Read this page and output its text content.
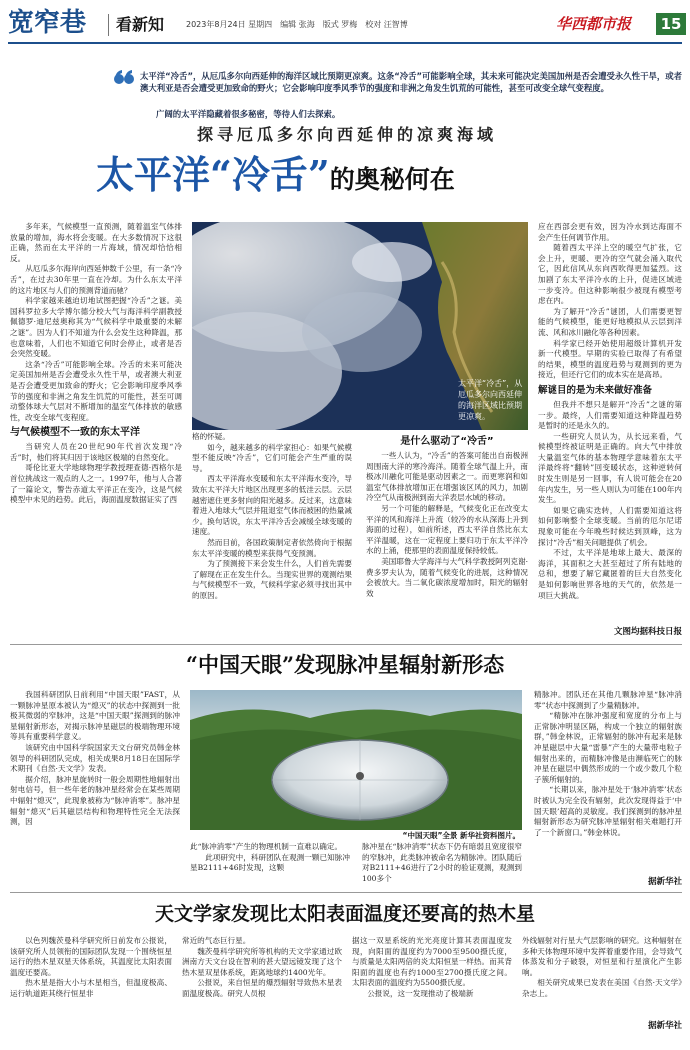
宽窄巷 看新知	2023年8月24日 星期四　编辑 张海　版式 罗梅　校对 汪智博	华西都市报	15
太平洋“冷舌”，从厄瓜多尔向西延伸的海洋区域比预期更凉爽。这条“冷舌”可能影响全球，其未来可能决定美国加州是否会遭受永久性干旱，或者澳大利亚是否会遭受更加致命的野火；它会影响印度季风季节的强度和非洲之角发生饥荒的可能性，甚至可改变全球气变程度。
广阔的太平洋隐藏着很多秘密，等待人们去探索。
探寻厄瓜多尔向西延伸的凉爽海域
太平洋“冷舌”的奥秘何在
太平洋“冷舌”，从厄瓜多尔向西延伸的海洋区域比预期更凉爽。

多年来，气候模型一直预测，随着温室气体排放量的增加，海水将会变暖。在大多数情况下这很正确，然而在太平洋的一片海域，情况却恰恰相反。

从厄瓜多尔海岸向西延伸数千公里，有一条“冷舌”，在过去30年里一直在冷却。为什么东太平洋的这片地区与人们的预测背道而驰？

科学家越来越迫切地试图把握“冷舌”之谜。美国科罗拉多大学博尔德分校大气与海洋科学副教授佩德罗·迪尼兹奥称其为“气候科学中最重要的未解之谜”。因为人们不知道为什么会发生这种降温，那也意味着，人们也不知道它何时会停止，或者是否会突然变暖。

这条“冷舌”可能影响全球。冷舌的未来可能决定美国加州是否会遭受永久性干旱，或者澳大利亚是否会遭受更加致命的野火；它会影响印度季风季节的强度和非洲之角发生饥荒的可能性，甚至可调动整体球大气层对不断增加的温室气体排放的敏感性，改变全球气变程度。

与气候模型不一致的东太平洋

当研究人员在20世纪90年代首次发现“冷舌”时，他们将其归因于该地区极端的自然变化。

哥伦比亚大学地球物理学教授理查德·西格尔是首位挑战这一观点的人之一。1997年，他与人合著了一篇论文，警告赤道太平洋正在变冷，这是气候模型中未见的趋势。此后，海面温度数据证实了西

格的怀疑。

如今，越来越多的科学家担心：如果气候模型不能反映“冷舌”，它们可能会产生严重的误导。

西太平洋海水变暖和东太平洋海水变冷，导致东太平洋大片地区出现更多的低洼云层。云层越密遮住更多射向的阳光越多。反过来，这意味着进入地球大气层并阻退室气体而被困的热量减少。换句话说，东太平洋冷舌会减缓全球变暖的速度。

然而目前，各国政策制定者依然倚向于根据东太平洋变暖的模型来获得气变预测。

为了预测接下来会发生什么，人们首先需要了解现在正在发生什么。当现实世界的观测结果与气候模型不一致，气候科学家必须寻找出其中的原因。

是什么驱动了“冷舌”

一些人认为，“冷舌”的答案可能出自南极洲周围南大洋的寒冷海洋。随着全球气温上升，南极冰川融化可能是驱动因素之一。而更寒润和如温室气体排放增加正在增强该区风的风力，加剧冷空气从南极洲到南大洋表层水域的移动。

另一个可能的解释是，气候变化正在改变太平洋的风和海洋上升流（较冷的水从深海上升到海面的过程），如前所述，西太平洋自然比东太平洋温暖，这在一定程度上要归功于东太平洋冷水的上涌，使那里的表面温度保持较低。

美国耶鲁大学海洋与大气科学教授阿列克谢·费多罗夫认为，随着气候变化的进展，这种情况会被放大。当二氧化碳浓度增加时，阳光的辐射效

应在西部会更有效，因为冷水到达海面不会产生任何调节作用。

随着西太平洋上空的暖空气扩张，它会上升，更暖、更冷的空气就会涌入取代它，因此信风从东向西吹得更加猛烈。这加剧了东太平洋冷水的上升，促进区域进一步变冷。但这种影响很少被现有模型考虑在内。

为了解开“冷舌”谜团，人们需要更智能的气候模型，能更好地模拟从云层到洋流、风和冰川融化等各种因素。

科学家已经开始使用超级计算机开发新一代模型。早期的实验已取得了有希望的结果，模型的温度趋势与观测到的更为接近，但还行它们的成本实在是高昂。

解谜目的是为未来做好准备

但我并不想只是解开“冷舌”之谜的第一步。最终，人们需要知道这种降温趋势是暂时的还是永久的。

一些研究人员认为，从长远来看，气候模型终被证明是正确的。向大气中排放大量温室气体的基本物理学意味着东太平洋最终将“翻转”回变暖状态，这种逆转何时发生则是另一回事，有人说可能会在20年内发生，另一些人则认为可能在100年内发生。

如果它确实迭转，人们需要知道这将如何影响整个全球变暖。当前的厄尔尼诺现象可能在今年晚些时候达到顶峰，这为探讨“冷舌”相关问题提供了机会。

不过，太平洋是地球上最大、最深的海洋，其面积之大甚至超过了所有陆地的总和，想要了解它藏匿着的巨大自然变化是如何影响世界各地的天气的，依然是一项巨大挑战。

文图均据科技日报
“中国天眼”发现脉冲星辐射新形态
“中国天眼”全景 新华社资料图片。

我国科研团队日前利用“中国天眼”FAST，从一颗脉冲星原本被认为“熄灭”的状态中探测到一批极其微弱的窄脉冲，这是“中国天眼”探测到的脉冲星辐射新形态，对揭示脉冲星磁层的极端物理环境等具有重要科学意义。

该研究由中国科学院国家天文台研究员韩金林领导的科研团队完成，相关成果8月18日在国际学术期刊《自然·天文学》发表。

据介绍，脉冲星旋转时一般会周期性地辐射出射电信号，但一些年老的脉冲星经常会在某些周期中辐射“熄灭”，此现象被称为“脉冲消零”。脉冲星辐射“熄灭”后其磁层结构和物理特性完全无法探测，因

此“脉冲消零”产生的物理机制一直难以确定。

此项研究中，科研团队在观测一颗已知脉冲星B2111+46时发现，这颗

脉冲星在“脉冲消零”状态下仍有暗弱且宽度很窄的窄脉冲，此类脉冲被命名为精脉冲。团队随后对B2111+46进行了2小时的验证观测，观测到100多个

精脉冲。团队还在其他几颗脉冲星“脉冲消零”状态中探测到了少量精脉冲。

“精脉冲在脉冲强度和宽度的分布上与正常脉冲明显区隔，构成一个独立的辐射族群，”韩金林说，正常辐射的脉冲有起来是脉冲星磁层中大量“雷暴”产生的大量带电粒子辐射出来的，而精脉冲像是由濒临死亡的脉冲星在磁层中偶然形成的一个或少数几个粒子簇所辐射的。

“长期以来，脉冲星处于‘脉冲消零’状态时被认为完全没有辐射，此次发现得益于‘中国天眼’超高的灵敏度。我们探测到的脉冲星辐射新形态为研究脉冲星辐射相关难题打开了一个新窗口。”韩金林说。

据新华社
天文学家发现比太阳表面温度还要高的热木星

以色列魏茨曼科学研究所日前发布公报说，该研究所人员领衔的国际团队发现一个围绕恒星运行的热木星双星天体系统，其温度比太阳表面温度还要高。

热木星是指大小与木星相当，但温度极高、运行轨道距其绕行恒星非

常近的气态巨行星。

魏茨曼科学研究所等机构的天文学家通过欧洲南方天文台设在智利的甚大望远镜发现了这个热木星双星体系统，距离地球约1400光年。

公报说，来自恒星的爆烈辐射导致热木星表面温度极高。研究人员根

据这一双星系统的光光亮度计算其表面温度发现，向阳面的温度约为7000至9500摄氏度，与质量是太阳两倍的炎太阳恒星一样热。而其背阳面的温度也有约1000至2700摄氏度之间。太阳表面的温度约为5500摄氏度。

公报说，这一发现推动了极端新

外线辐射对行星大气层影响的研究。这种辐射在多种天体物理环境中发挥着重要作用，会导致气体蒸发和分子破裂，对恒星和行星演化产生影响。

相关研究成果已发表在美国《自然·天文学》杂志上。

据新华社
